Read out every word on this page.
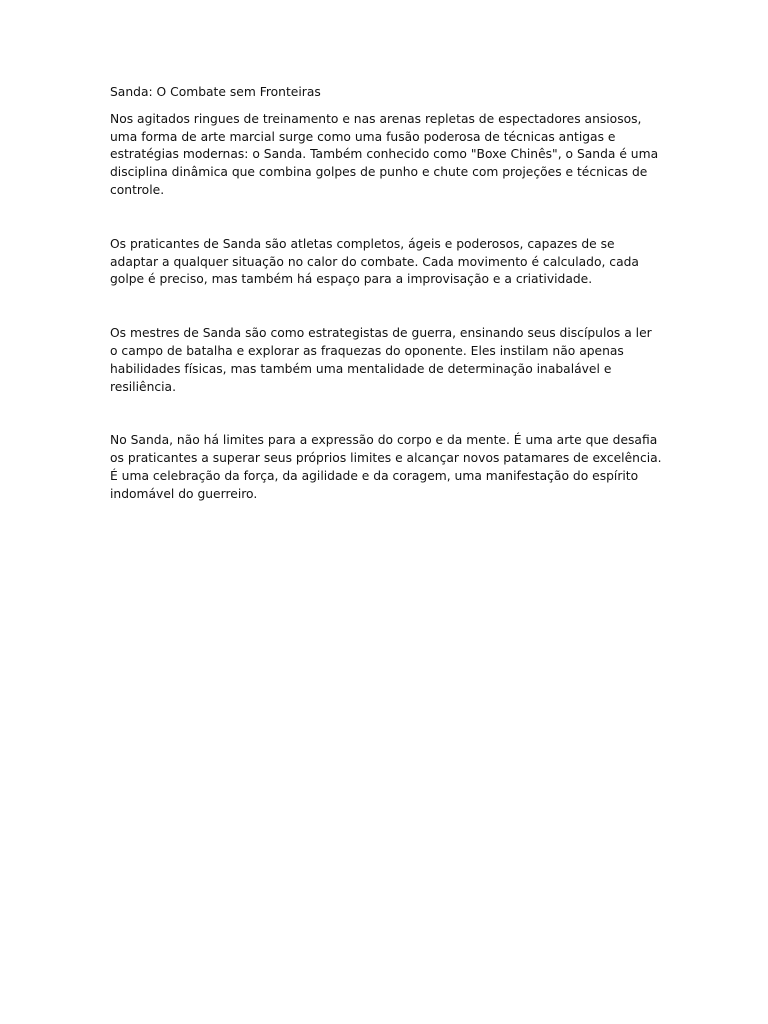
Sanda: O Combate sem Fronteiras

Nos agitados ringues de treinamento e nas arenas repletas de espectadores ansiosos, uma forma de arte marcial surge como uma fusão poderosa de técnicas antigas e estratégias modernas: o Sanda. Também conhecido como "Boxe Chinês", o Sanda é uma disciplina dinâmica que combina golpes de punho e chute com projeções e técnicas de controle.

Os praticantes de Sanda são atletas completos, ágeis e poderosos, capazes de se adaptar a qualquer situação no calor do combate. Cada movimento é calculado, cada golpe é preciso, mas também há espaço para a improvisação e a criatividade.

Os mestres de Sanda são como estrategistas de guerra, ensinando seus discípulos a ler o campo de batalha e explorar as fraquezas do oponente. Eles instilam não apenas habilidades físicas, mas também uma mentalidade de determinação inabalável e resiliência.

No Sanda, não há limites para a expressão do corpo e da mente. É uma arte que desafia os praticantes a superar seus próprios limites e alcançar novos patamares de excelência. É uma celebração da força, da agilidade e da coragem, uma manifestação do espírito indomável do guerreiro.
